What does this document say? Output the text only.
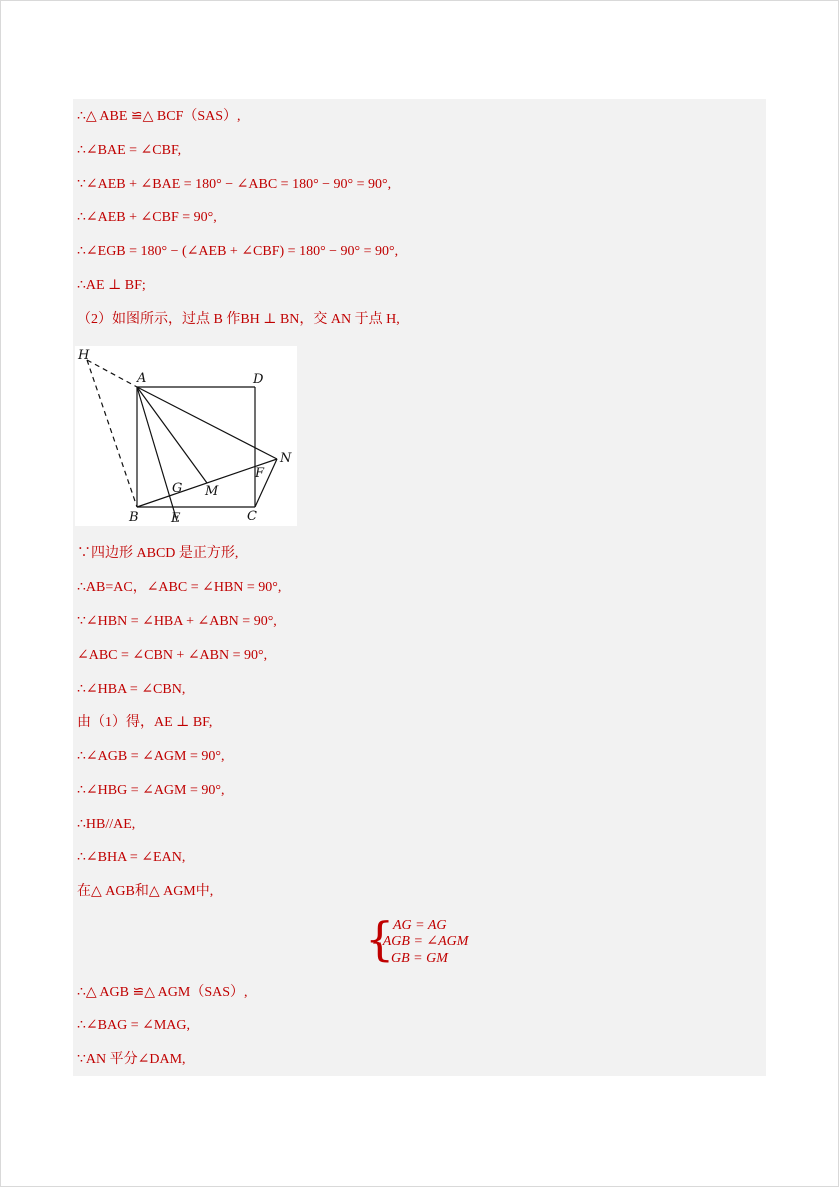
∴△ ABE ≌△ BCF（SAS）,
∴∠BAE = ∠CBF,
∵∠AEB + ∠BAE = 180° − ∠ABC = 180° − 90° = 90°,
∴∠AEB + ∠CBF = 90°,
∴∠EGB = 180° − (∠AEB + ∠CBF) = 180° − 90° = 90°,
∴AE ⊥ BF;
（2）如图所示，过点 B 作BH ⊥ BN，交 AN 于点 H,
H
A	D
N
F
G M
B E	C
∵四边形 ABCD 是正方形,
∴AB=AC，∠ABC = ∠HBN = 90°,
∵∠HBN = ∠HBA + ∠ABN = 90°,
∠ABC = ∠CBN + ∠ABN = 90°,
∴∠HBA = ∠CBN,
由（1）得，AE ⊥ BF,
∴∠AGB = ∠AGM = 90°,
∴∠HBG = ∠AGM = 90°,
∴HB//AE,
∴∠BHA = ∠EAN,
在△ AGB和△ AGM中,
{
AG = AG
∠AGB = ∠AGM
GB = GM
∴△ AGB ≌△ AGM（SAS）,
∴∠BAG = ∠MAG,
∵AN 平分∠DAM,
